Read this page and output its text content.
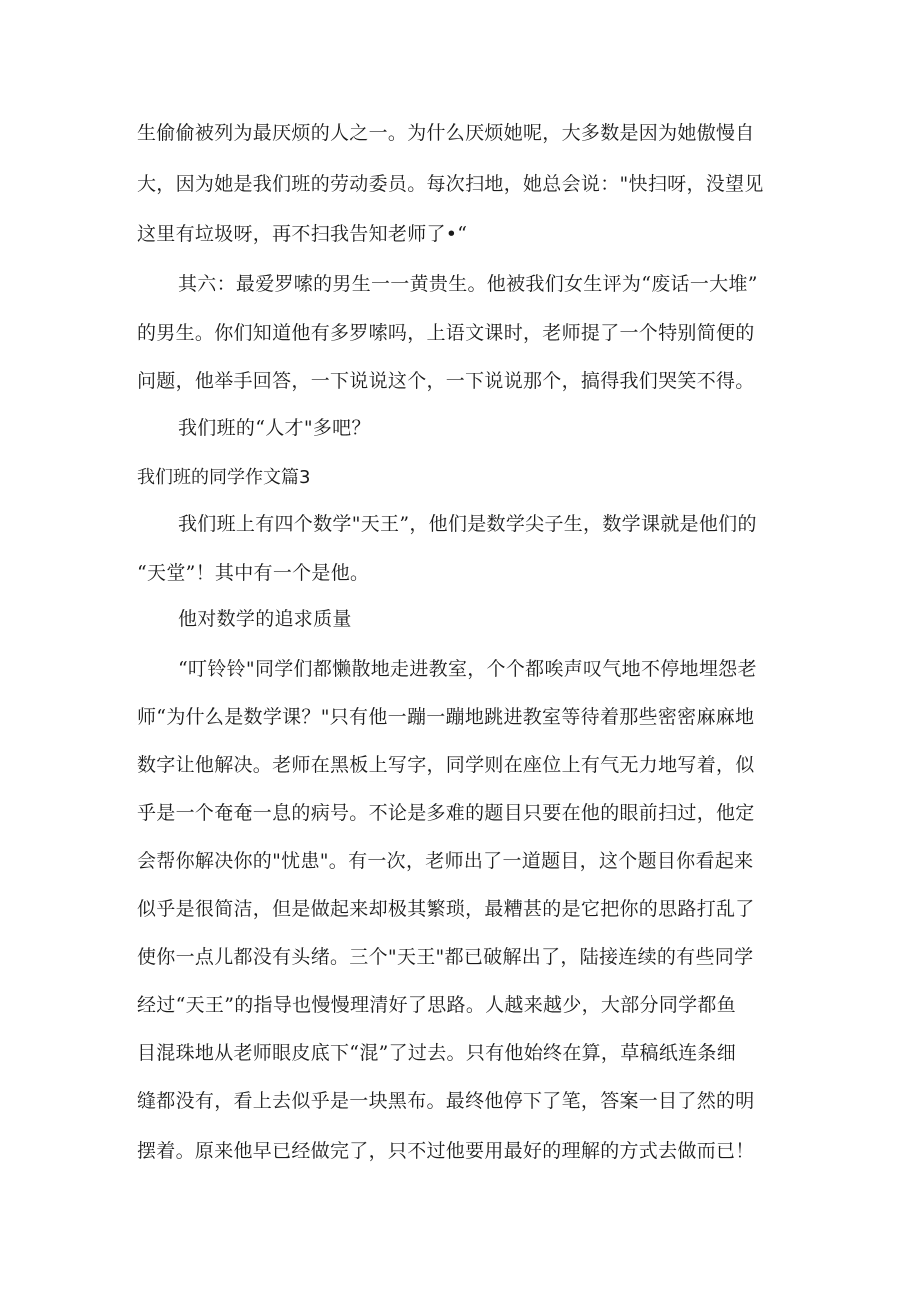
生偷偷被列为最厌烦的人之一。为什么厌烦她呢，大多数是因为她傲慢自
大，因为她是我们班的劳动委员。每次扫地，她总会说："快扫呀，没望见
这里有垃圾呀，再不扫我告知老师了•“
其六：最爱罗嗦的男生一一黄贵生。他被我们女生评为“废话一大堆”
的男生。你们知道他有多罗嗦吗，上语文课时，老师提了一个特别简便的
问题，他举手回答，一下说说这个，一下说说那个，搞得我们哭笑不得。
我们班的“人才"多吧？
我们班的同学作文篇3
我们班上有四个数学"天王”，他们是数学尖子生，数学课就是他们的
“天堂”！其中有一个是他。
他对数学的追求质量
“叮铃铃"同学们都懒散地走进教室，个个都唉声叹气地不停地埋怨老
师“为什么是数学课？"只有他一蹦一蹦地跳进教室等待着那些密密麻麻地
数字让他解决。老师在黑板上写字，同学则在座位上有气无力地写着，似
乎是一个奄奄一息的病号。不论是多难的题目只要在他的眼前扫过，他定
会帮你解决你的"忧患"。有一次，老师出了一道题目，这个题目你看起来
似乎是很简洁，但是做起来却极其繁琐，最糟甚的是它把你的思路打乱了
使你一点儿都没有头绪。三个"天王"都已破解出了，陆接连续的有些同学
经过“天王”的指导也慢慢理清好了思路。人越来越少，大部分同学都鱼
目混珠地从老师眼皮底下“混”了过去。只有他始终在算，草稿纸连条细
缝都没有，看上去似乎是一块黑布。最终他停下了笔，答案一目了然的明
摆着。原来他早已经做完了，只不过他要用最好的理解的方式去做而已！
